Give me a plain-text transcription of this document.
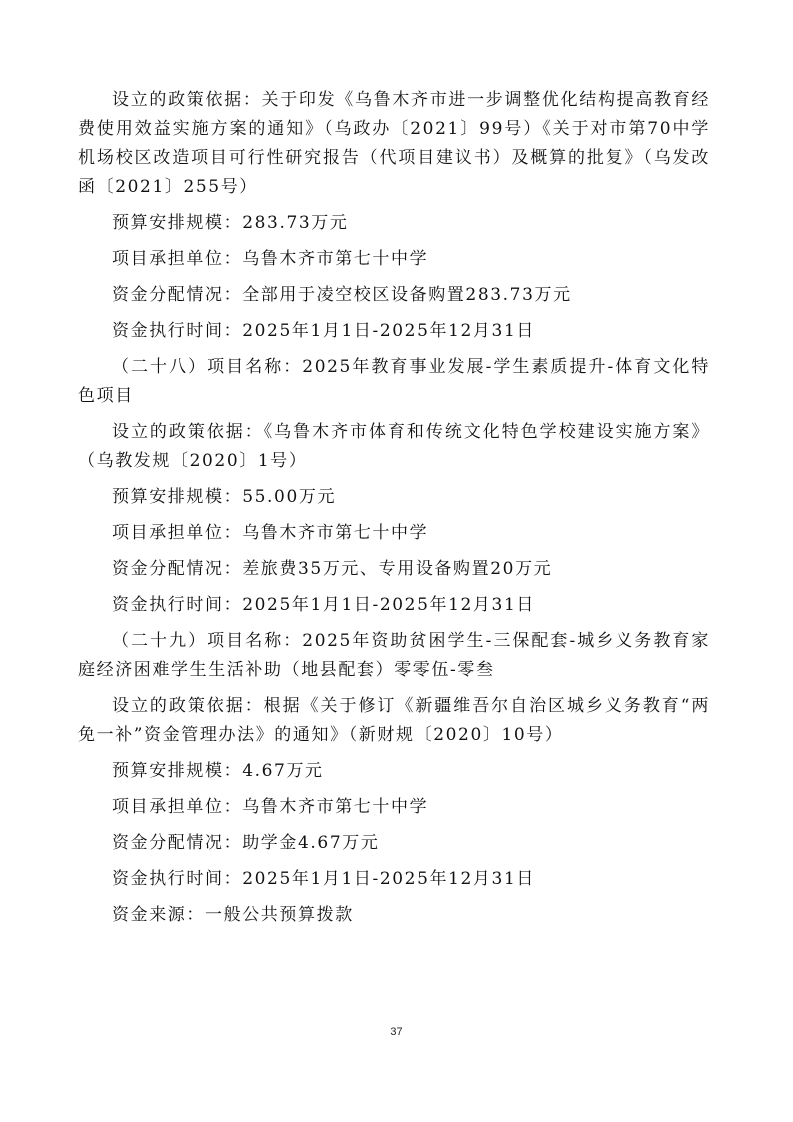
设立的政策依据：关于印发《乌鲁木齐市进一步调整优化结构提高教育经费使用效益实施方案的通知》（乌政办〔2021〕99号）《关于对市第70中学机场校区改造项目可行性研究报告（代项目建议书）及概算的批复》（乌发改函〔2021〕255号）

预算安排规模：283.73万元

项目承担单位：乌鲁木齐市第七十中学

资金分配情况：全部用于凌空校区设备购置283.73万元

资金执行时间：2025年1月1日-2025年12月31日

（二十八）项目名称：2025年教育事业发展-学生素质提升-体育文化特色项目

设立的政策依据：《乌鲁木齐市体育和传统文化特色学校建设实施方案》（乌教发规〔2020〕1号）

预算安排规模：55.00万元

项目承担单位：乌鲁木齐市第七十中学

资金分配情况：差旅费35万元、专用设备购置20万元

资金执行时间：2025年1月1日-2025年12月31日

（二十九）项目名称：2025年资助贫困学生-三保配套-城乡义务教育家庭经济困难学生生活补助（地县配套）零零伍-零叁

设立的政策依据：根据《关于修订《新疆维吾尔自治区城乡义务教育“两免一补”资金管理办法》的通知》（新财规〔2020〕10号）

预算安排规模：4.67万元

项目承担单位：乌鲁木齐市第七十中学

资金分配情况：助学金4.67万元

资金执行时间：2025年1月1日-2025年12月31日

资金来源：一般公共预算拨款

37
